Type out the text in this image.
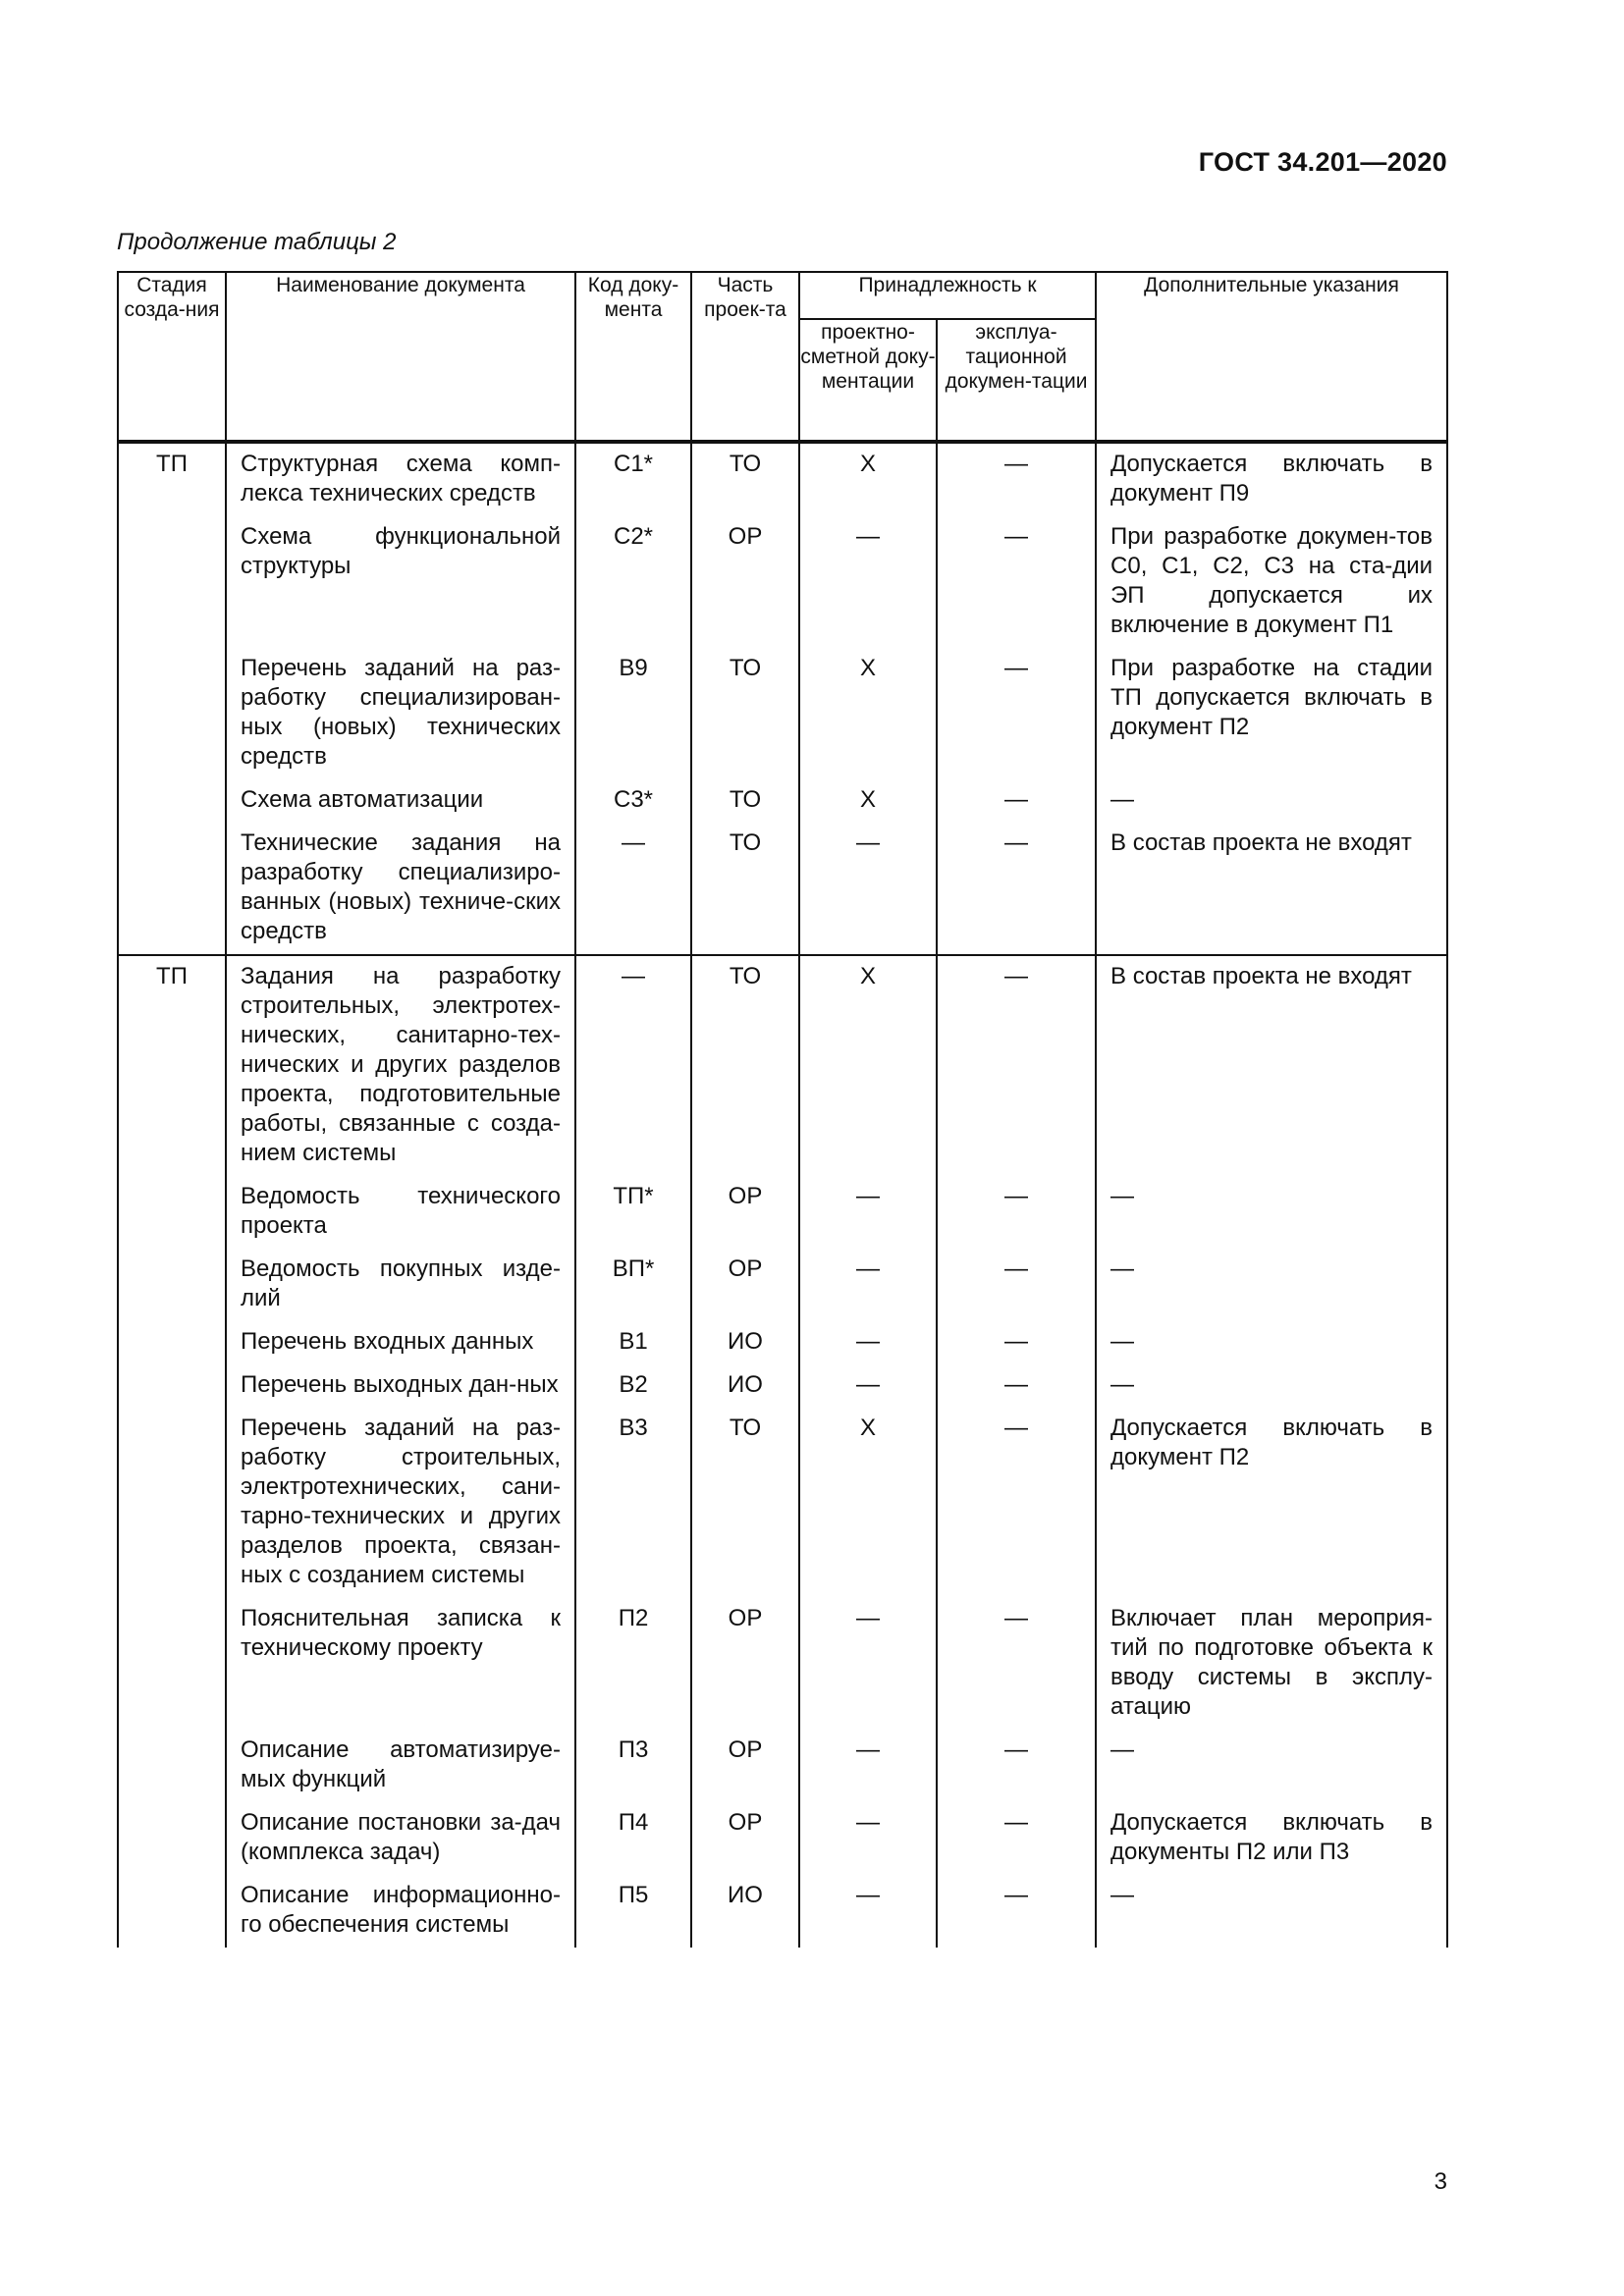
ГОСТ 34.201—2020
Продолжение таблицы 2
Стадия созда-ния	Наименование документа	Код доку-мента	Часть проек-та	Принадлежность к		Дополнительные указания
				проектно-сметной доку-ментации	эксплуа-тационной докумен-тации	

ТП	Структурная схема комп-лекса технических средств	С1*	ТО	X	—	Допускается включать в документ П9

	Схема функциональной структуры	С2*	ОР	—	—	При разработке докумен-тов С0, С1, С2, С3 на ста-дии ЭП допускается их включение в документ П1

	Перечень заданий на раз-работку специализирован-ных (новых) технических средств	В9	ТО	X	—	При разработке на стадии ТП допускается включать в документ П2

	Схема автоматизации	С3*	ТО	X	—	—

	Технические задания на разработку специализиро-ванных (новых) техниче-ских средств	—	ТО	—	—	В состав проекта не входят

ТП	Задания на разработку строительных, электротех-нических, санитарно-тех-нических и других разделов проекта, подготовительные работы, связанные с созда-нием системы	—	ТО	X	—	В состав проекта не входят

	Ведомость технического проекта	ТП*	ОР	—	—	—

	Ведомость покупных изде-лий	ВП*	ОР	—	—	—

	Перечень входных данных	В1	ИО	—	—	—

	Перечень выходных дан-ных	В2	ИО	—	—	—

	Перечень заданий на раз-работку строительных, электротехнических, сани-тарно-технических и других разделов проекта, связан-ных с созданием системы	В3	ТО	X	—	Допускается включать в документ П2

	Пояснительная записка к техническому проекту	П2	ОР	—	—	Включает план мероприя-тий по подготовке объекта к вводу системы в эксплу-атацию

	Описание автоматизируе-мых функций	П3	ОР	—	—	—

	Описание постановки за-дач (комплекса задач)	П4	ОР	—	—	Допускается включать в документы П2 или П3

	Описание информационно-го обеспечения системы	П5	ИО	—	—	—
3
